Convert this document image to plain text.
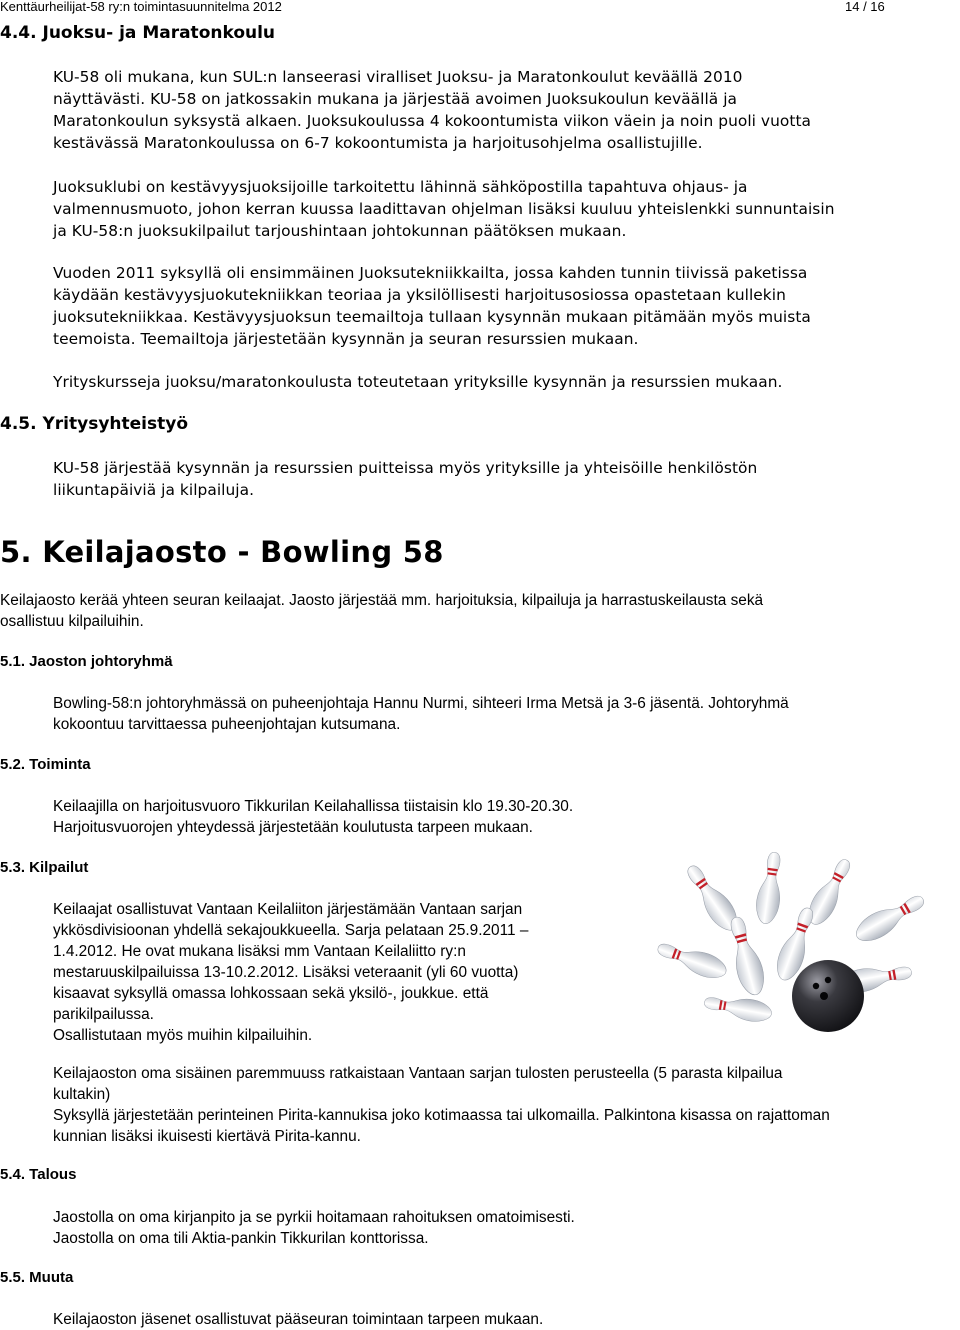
Kenttäurheilijat-58 ry:n toimintasuunnitelma 2012	14 / 16
4.4. Juoksu- ja Maratonkoulu
KU-58 oli mukana, kun SUL:n lanseerasi viralliset Juoksu- ja Maratonkoulut keväällä 2010
näyttävästi. KU-58 on jatkossakin mukana ja järjestää avoimen Juoksukoulun keväällä ja
Maratonkoulun syksystä alkaen. Juoksukoulussa 4 kokoontumista viikon väein ja noin puoli vuotta
kestävässä Maratonkoulussa on 6-7 kokoontumista ja harjoitusohjelma osallistujille.
Juoksuklubi on kestävyysjuoksijoille tarkoitettu lähinnä sähköpostilla tapahtuva ohjaus- ja
valmennusmuoto, johon kerran kuussa laadittavan ohjelman lisäksi kuuluu yhteislenkki sunnuntaisin
ja KU-58:n juoksukilpailut tarjoushintaan johtokunnan päätöksen mukaan.
Vuoden 2011 syksyllä oli ensimmäinen Juoksutekniikkailta, jossa kahden tunnin tiivissä paketissa
käydään kestävyysjuokutekniikkan teoriaa ja yksilöllisesti harjoitusosiossa opastetaan kullekin
juoksutekniikkaa. Kestävyysjuoksun teemailtoja tullaan kysynnän mukaan pitämään myös muista
teemoista. Teemailtoja järjestetään kysynnän ja seuran resurssien mukaan.
Yrityskursseja juoksu/maratonkoulusta toteutetaan yrityksille kysynnän ja resurssien mukaan.
4.5. Yritysyhteistyö
KU-58 järjestää kysynnän ja resurssien puitteissa myös yrityksille ja yhteisöille henkilöstön
liikuntapäiviä ja kilpailuja.
5. Keilajaosto - Bowling 58
Keilajaosto kerää yhteen seuran keilaajat. Jaosto järjestää mm. harjoituksia, kilpailuja ja harrastuskeilausta sekä
osallistuu kilpailuihin.
5.1. Jaoston johtoryhmä
Bowling-58:n johtoryhmässä on puheenjohtaja Hannu Nurmi, sihteeri Irma Metsä ja 3-6 jäsentä. Johtoryhmä
kokoontuu tarvittaessa puheenjohtajan kutsumana.
5.2. Toiminta
Keilaajilla on harjoitusvuoro Tikkurilan Keilahallissa tiistaisin klo 19.30-20.30.
Harjoitusvuorojen yhteydessä järjestetään koulutusta tarpeen mukaan.
5.3. Kilpailut
Keilaajat osallistuvat Vantaan Keilaliiton järjestämään Vantaan sarjan
ykkösdivisioonan yhdellä sekajoukkueella. Sarja pelataan 25.9.2011 –
1.4.2012. He ovat mukana lisäksi mm Vantaan Keilaliitto ry:n
mestaruuskilpailuissa 13-10.2.2012. Lisäksi veteraanit (yli 60 vuotta)
kisaavat syksyllä omassa lohkossaan sekä yksilö-, joukkue. että
parikilpailussa.
Osallistutaan myös muihin kilpailuihin.
Keilajaoston oma sisäinen paremmuuss ratkaistaan Vantaan sarjan tulosten perusteella (5 parasta kilpailua
kultakin)
Syksyllä järjestetään perinteinen Pirita-kannukisa joko kotimaassa tai ulkomailla. Palkintona kisassa on rajattoman
kunnian lisäksi ikuisesti kiertävä Pirita-kannu.
5.4. Talous
Jaostolla on oma kirjanpito ja se pyrkii hoitamaan rahoituksen omatoimisesti.
Jaostolla on oma tili Aktia-pankin Tikkurilan konttorissa.
5.5. Muuta
Keilajaoston jäsenet osallistuvat pääseuran toimintaan tarpeen mukaan.
